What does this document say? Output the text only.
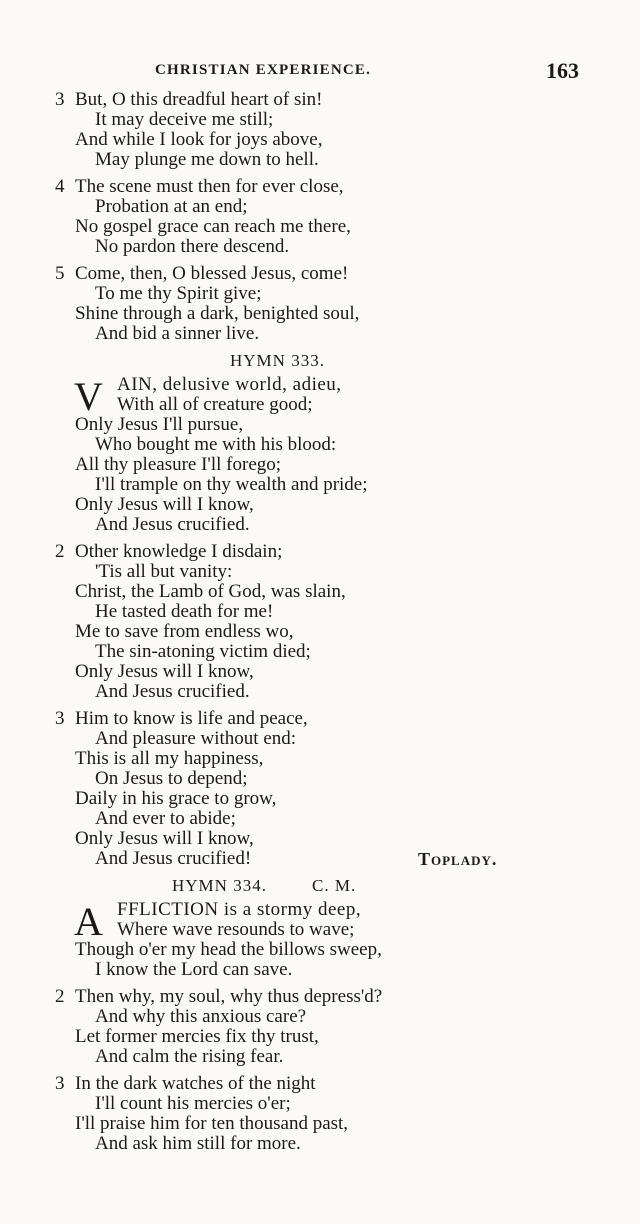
CHRISTIAN EXPERIENCE.	163
3 But, O this dreadful heart of sin!
It may deceive me still;
And while I look for joys above,
May plunge me down to hell.
4 The scene must then for ever close,
Probation at an end;
No gospel grace can reach me there,
No pardon there descend.
5 Come, then, O blessed Jesus, come!
To me thy Spirit give;
Shine through a dark, benighted soul,
And bid a sinner live.
HYMN 333.

V AIN, delusive world, adieu,
With all of creature good;
Only Jesus I'll pursue,
Who bought me with his blood:
All thy pleasure I'll forego;
I'll trample on thy wealth and pride;
Only Jesus will I know,
And Jesus crucified.
2 Other knowledge I disdain;
'Tis all but vanity:
Christ, the Lamb of God, was slain,
He tasted death for me!
Me to save from endless wo,
The sin-atoning victim died;
Only Jesus will I know,
And Jesus crucified.
3 Him to know is life and peace,
And pleasure without end:
This is all my happiness,
On Jesus to depend;
Daily in his grace to grow,
And ever to abide;
Only Jesus will I know,
And Jesus crucified!	Toplady.
HYMN 334.	C. M.

A FFLICTION is a stormy deep,
Where wave resounds to wave;
Though o'er my head the billows sweep,
I know the Lord can save.
2 Then why, my soul, why thus depress'd?
And why this anxious care?
Let former mercies fix thy trust,
And calm the rising fear.
3 In the dark watches of the night
I'll count his mercies o'er;
I'll praise him for ten thousand past,
And ask him still for more.
